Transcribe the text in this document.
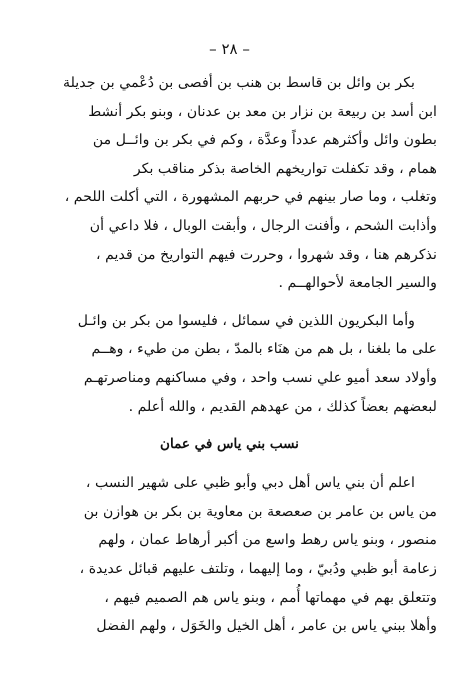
– ٢٨ –
بكر بن وائل بن قاسط بن هنب بن أفصى بن دُعْمي بن جديلة
ابن أسد بن ربيعة بن نزار بن معد بن عدنان ، وبنو بكر أنشط
بطون وائل وأكثرهم عدداً وعدَّة ، وكم في بكر بن وائــل من
همام ، وقد تكفلت تواريخهم الخاصة بذكر مناقب بكر
وتغلب ، وما صار بينهم في حربهم المشهورة ، التي أكلت اللحم ،
وأذابت الشحم ، وأفنت الرجال ، وأبقت الوبال ، فلا داعي أن
نذكرهم هنا ، وقد شهروا ، وحررت فيهم التواريخ من قديم ،
والسير الجامعة لأحوالهــم .
وأما البكريون اللذين في سمائل ، فليسوا من بكر بن وائـل
على ما بلغنا ، بل هم من هنَاء بالمدّ ، بطن من طيء ، وهــم
وأولاد سعد أميو علي نسب واحد ، وفي مساكنهم ومناصرتهـم
لبعضهم بعضاً كذلك ، من عهدهم القديم ، والله أعلم .
نسب بني ياس في عمان
اعلم أن بني ياس أهل دبي وأبو ظبي على شهير النسب ،
من ياس بن عامر بن صعصعة بن معاوية بن بكر بن هوازن بن
منصور ، وبنو ياس رهط واسع من أكبر أرهاط عمان ، ولهم
زعامة أبو ظبي ودُبيّ ، وما إليهما ، وتلتف عليهم قبائل عديدة ،
وتتعلق بهم في مهماتها أُمم ، وبنو ياس هم الصميم فيهم ،
وأهلا ببني ياس بن عامر ، أهل الخيل والخَوَل ، ولهم الفضل
